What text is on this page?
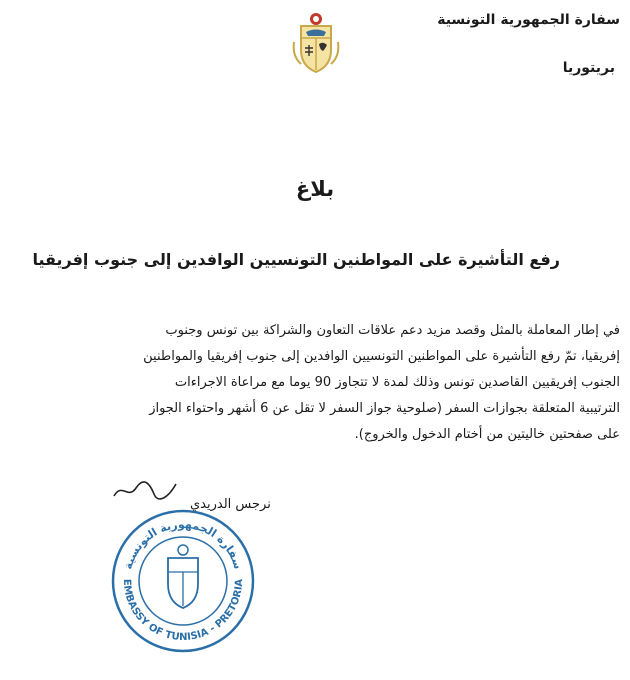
سفارة الجمهورية التونسية
بريتوريا
بلاغ
رفع التأشيرة على المواطنين التونسيين الوافدين إلى جنوب إفريقيا
في إطار المعاملة بالمثل وقصد مزيد دعم علاقات التعاون والشراكة بين تونس وجنوب
إفريقيا، تمّ رفع التأشيرة على المواطنين التونسيين الوافدين إلى جنوب إفريقيا والمواطنين
الجنوب إفريقيين القاصدين تونس وذلك لمدة لا تتجاوز 90 يوما مع مراعاة الاجراءات
الترتيبية المتعلقة بجوازات السفر (صلوحية جواز السفر لا تقل عن 6 أشهر واحتواء الجواز
على صفحتين خاليتين من أختام الدخول والخروج).
نرجس الدريدي
سفارة الجمهورية التونسية
EMBASSY OF TUNISIA - PRETORIA
